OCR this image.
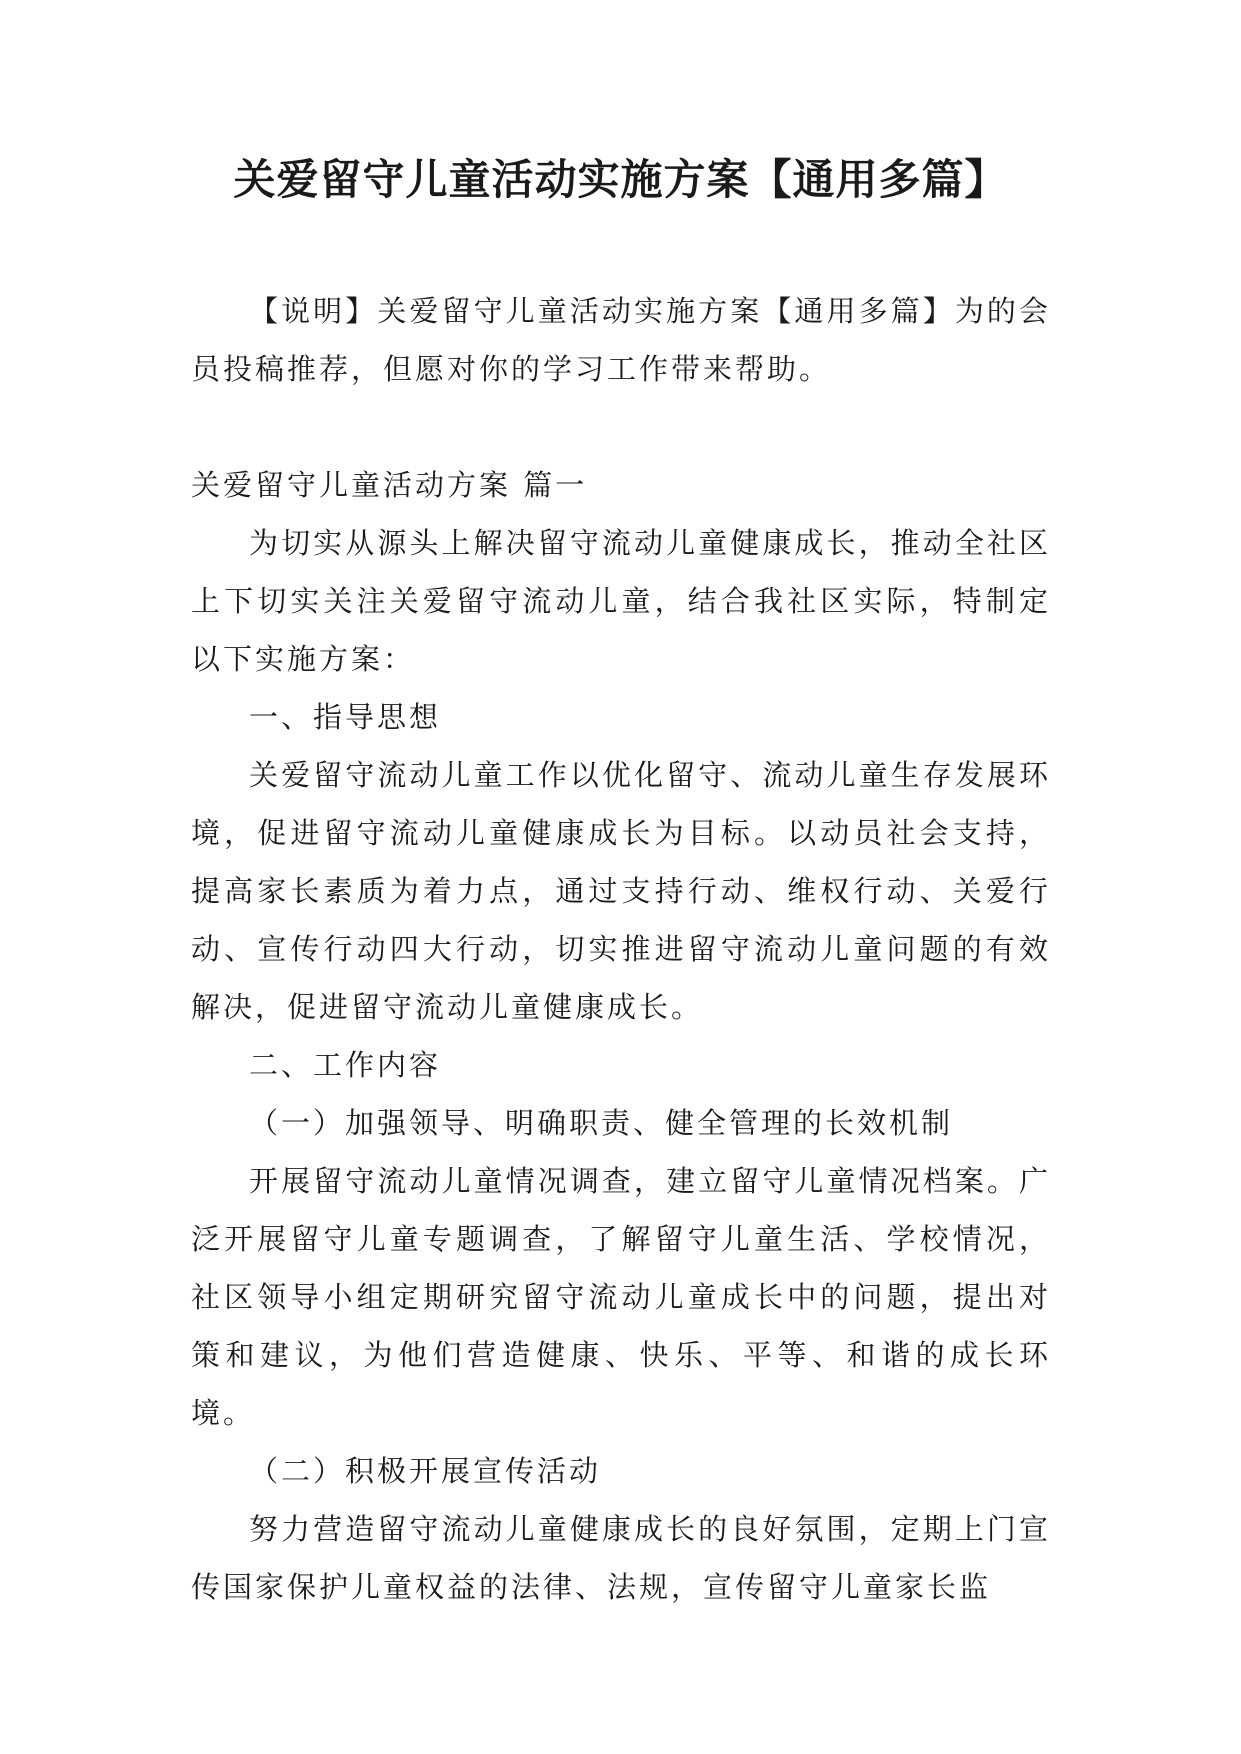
关爱留守儿童活动实施方案【通用多篇】

【说明】关爱留守儿童活动实施方案【通用多篇】为的会员投稿推荐，但愿对你的学习工作带来帮助。

关爱留守儿童活动方案 篇一

为切实从源头上解决留守流动儿童健康成长，推动全社区上下切实关注关爱留守流动儿童，结合我社区实际，特制定以下实施方案：

一、指导思想

关爱留守流动儿童工作以优化留守、流动儿童生存发展环境，促进留守流动儿童健康成长为目标。以动员社会支持，提高家长素质为着力点，通过支持行动、维权行动、关爱行动、宣传行动四大行动，切实推进留守流动儿童问题的有效解决，促进留守流动儿童健康成长。

二、工作内容

（一）加强领导、明确职责、健全管理的长效机制

开展留守流动儿童情况调查，建立留守儿童情况档案。广泛开展留守儿童专题调查，了解留守儿童生活、学校情况，社区领导小组定期研究留守流动儿童成长中的问题，提出对策和建议，为他们营造健康、快乐、平等、和谐的成长环境。

（二）积极开展宣传活动

努力营造留守流动儿童健康成长的良好氛围，定期上门宣传国家保护儿童权益的法律、法规，宣传留守儿童家长监
